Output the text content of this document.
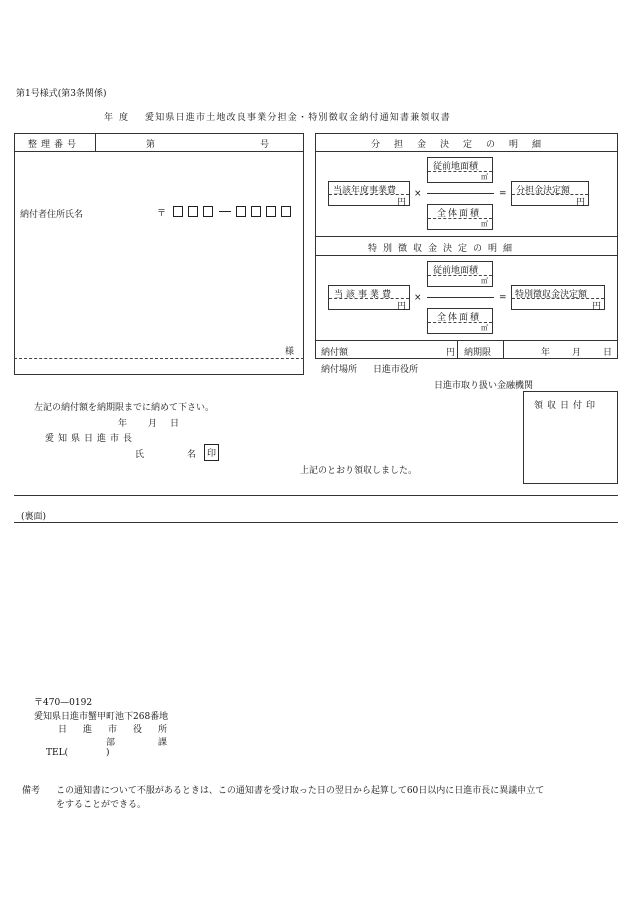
第1号様式(第3条関係)
年度 愛知県日進市土地改良事業分担金・特別徴収金納付通知書兼領収書
整理番号	第	号
納付者住所氏名	〒
様
分担金決定の明細
当該年度事業費
円
×
従前地面積
㎡
全体面積
㎡
= 分担金決定額
円
特別徴収金決定の明細
当該事業費
円
×
従前地面積
㎡
全体面積
㎡
= 特別徴収金決定額
円
納付額	円 納期限	年 月 日
納付場所 日進市役所
日進市取り扱い金融機関
領収日付印
左記の納付額を納期限までに納めて下さい。
年 月 日
愛知県日進市長
氏	名	印
上記のとおり領収しました。
(裏面)
〒470—0192
愛知県日進市蟹甲町池下268番地
日進市役所
部	課
TEL(	)
備考 この通知書について不服があるときは、この通知書を受け取った日の翌日から起算して60日以内に日進市長に異議申立て
をすることができる。
